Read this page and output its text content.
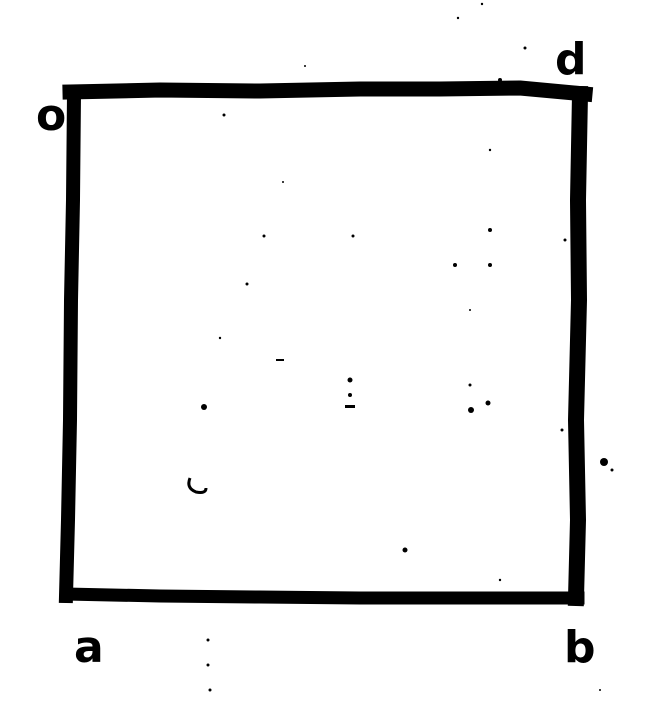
o
d
a	b
